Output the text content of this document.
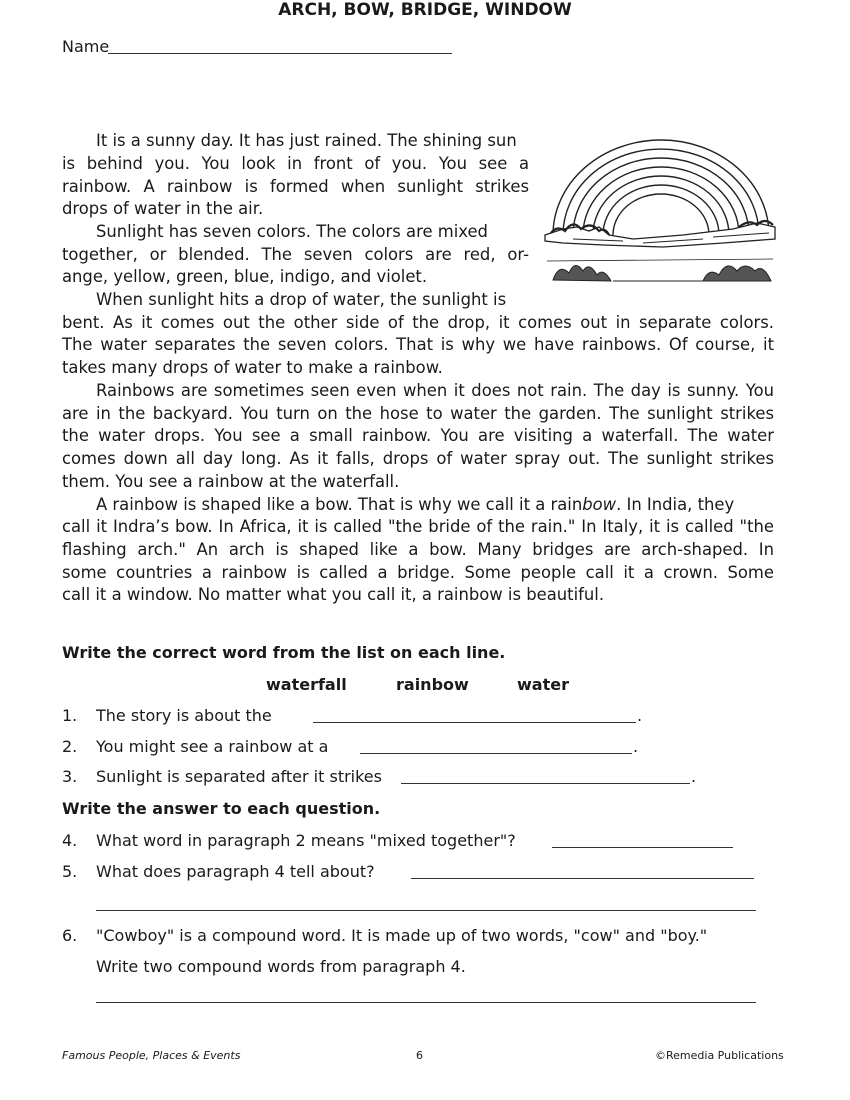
Name
ARCH, BOW, BRIDGE, WINDOW
It is a sunny day. It has just rained. The shining sun
is behind you. You look in front of you. You see a
rainbow. A rainbow is formed when sunlight strikes
drops of water in the air.
Sunlight has seven colors. The colors are mixed
together, or blended. The seven colors are red, or-
ange, yellow, green, blue, indigo, and violet.
When sunlight hits a drop of water, the sunlight is
bent. As it comes out the other side of the drop, it comes out in separate colors.
The water separates the seven colors. That is why we have rainbows. Of course, it
takes many drops of water to make a rainbow.
Rainbows are sometimes seen even when it does not rain. The day is sunny. You
are in the backyard. You turn on the hose to water the garden. The sunlight strikes
the water drops. You see a small rainbow. You are visiting a waterfall. The water
comes down all day long. As it falls, drops of water spray out. The sunlight strikes
them. You see a rainbow at the waterfall.
A rainbow is shaped like a bow. That is why we call it a rainbow. In India, they
call it Indra’s bow. In Africa, it is called "the bride of the rain." In Italy, it is called "the
flashing arch." An arch is shaped like a bow. Many bridges are arch-shaped. In
some countries a rainbow is called a bridge. Some people call it a crown. Some
call it a window. No matter what you call it, a rainbow is beautiful.
Write the correct word from the list on each line.
waterfall	rainbow	water
1. The story is about the	.
2. You might see a rainbow at a	.
3. Sunlight is separated after it strikes	.
Write the answer to each question.
4. What word in paragraph 2 means "mixed together"?
5. What does paragraph 4 tell about?
6. "Cowboy" is a compound word. It is made up of two words, "cow" and "boy."
Write two compound words from paragraph 4.
Famous People, Places & Events	6	©Remedia Publications
